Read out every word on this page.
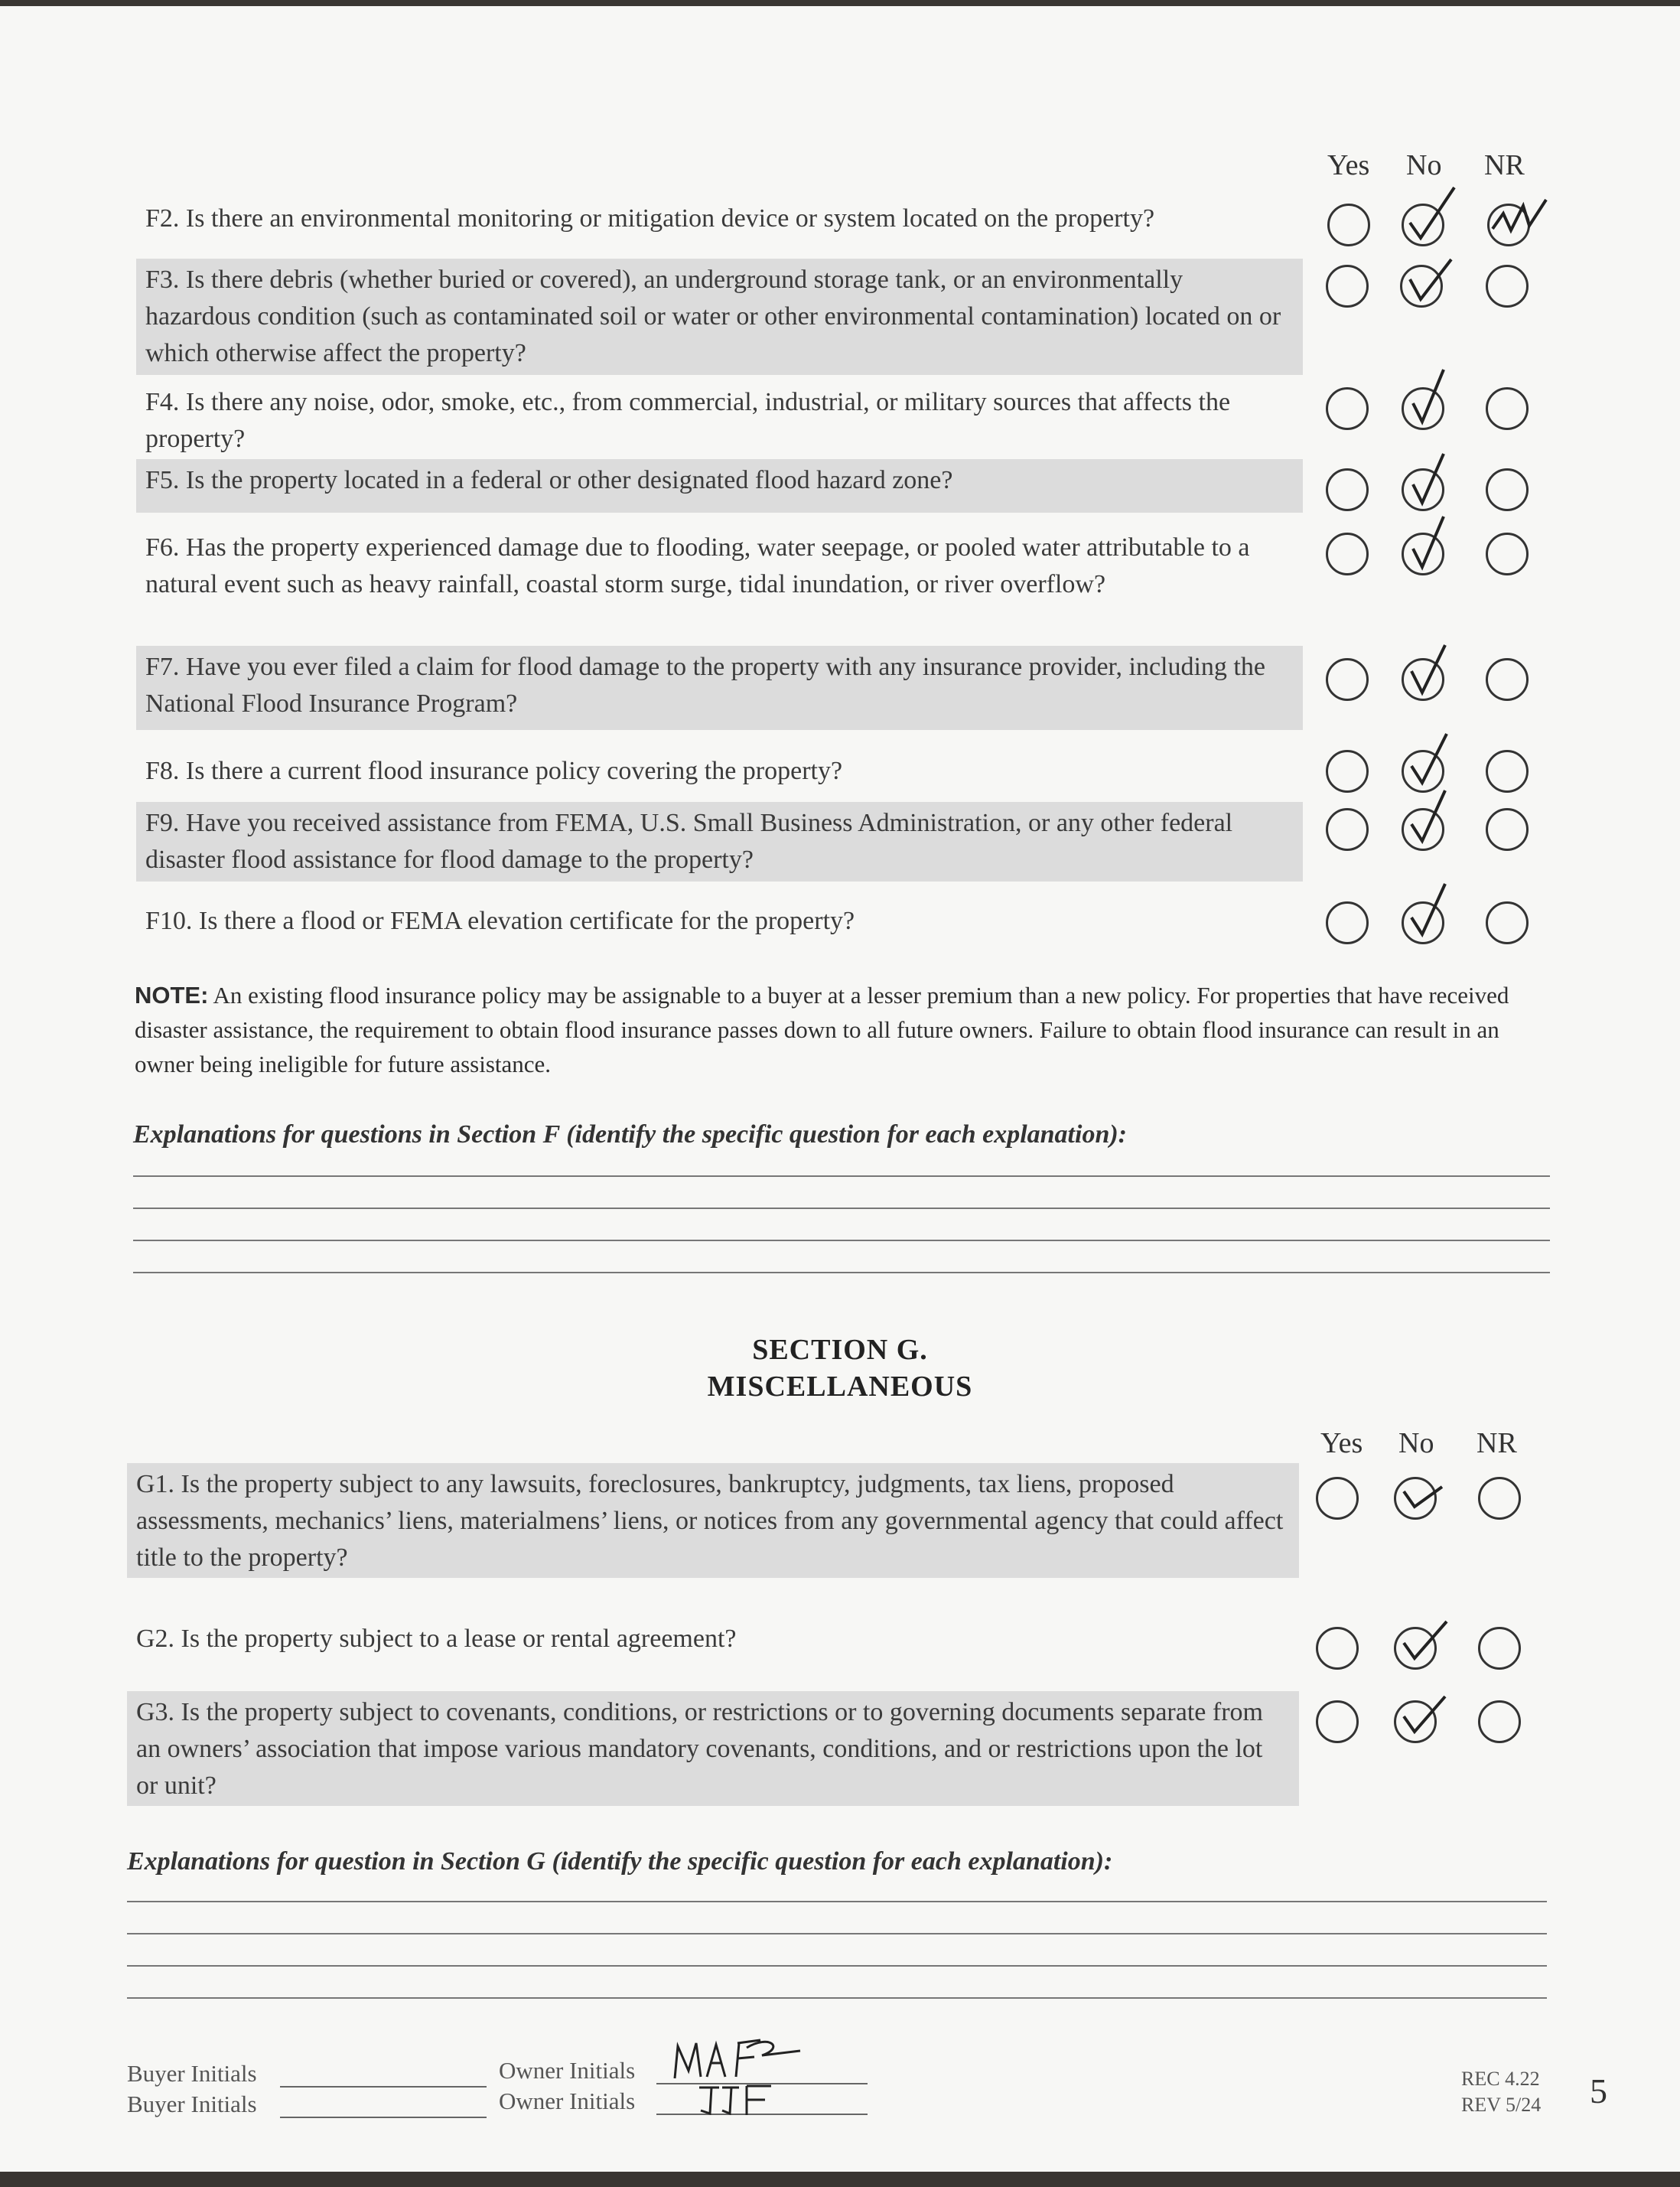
Yes No NR
F2. Is there an environmental monitoring or mitigation device or system located on the property?
F3. Is there debris (whether buried or covered), an underground storage tank, or an environmentally hazardous condition (such as contaminated soil or water or other environmental contamination) located on or which otherwise affect the property?
F4. Is there any noise, odor, smoke, etc., from commercial, industrial, or military sources that affects the property?
F5. Is the property located in a federal or other designated flood hazard zone?
F6. Has the property experienced damage due to flooding, water seepage, or pooled water attributable to a natural event such as heavy rainfall, coastal storm surge, tidal inundation, or river overflow?
F7. Have you ever filed a claim for flood damage to the property with any insurance provider, including the National Flood Insurance Program?
F8. Is there a current flood insurance policy covering the property?
F9. Have you received assistance from FEMA, U.S. Small Business Administration, or any other federal disaster flood assistance for flood damage to the property?
F10. Is there a flood or FEMA elevation certificate for the property?
NOTE: An existing flood insurance policy may be assignable to a buyer at a lesser premium than a new policy. For properties that have received disaster assistance, the requirement to obtain flood insurance passes down to all future owners. Failure to obtain flood insurance can result in an owner being ineligible for future assistance.
Explanations for questions in Section F (identify the specific question for each explanation):
SECTION G.
MISCELLANEOUS
Yes No NR
G1. Is the property subject to any lawsuits, foreclosures, bankruptcy, judgments, tax liens, proposed assessments, mechanics’ liens, materialmens’ liens, or notices from any governmental agency that could affect title to the property?
G2. Is the property subject to a lease or rental agreement?
G3. Is the property subject to covenants, conditions, or restrictions or to governing documents separate from an owners’ association that impose various mandatory covenants, conditions, and or restrictions upon the lot or unit?
Explanations for question in Section G (identify the specific question for each explanation):
Buyer Initials
Buyer Initials
Owner Initials
Owner Initials
REC 4.22
REV 5/24 5
